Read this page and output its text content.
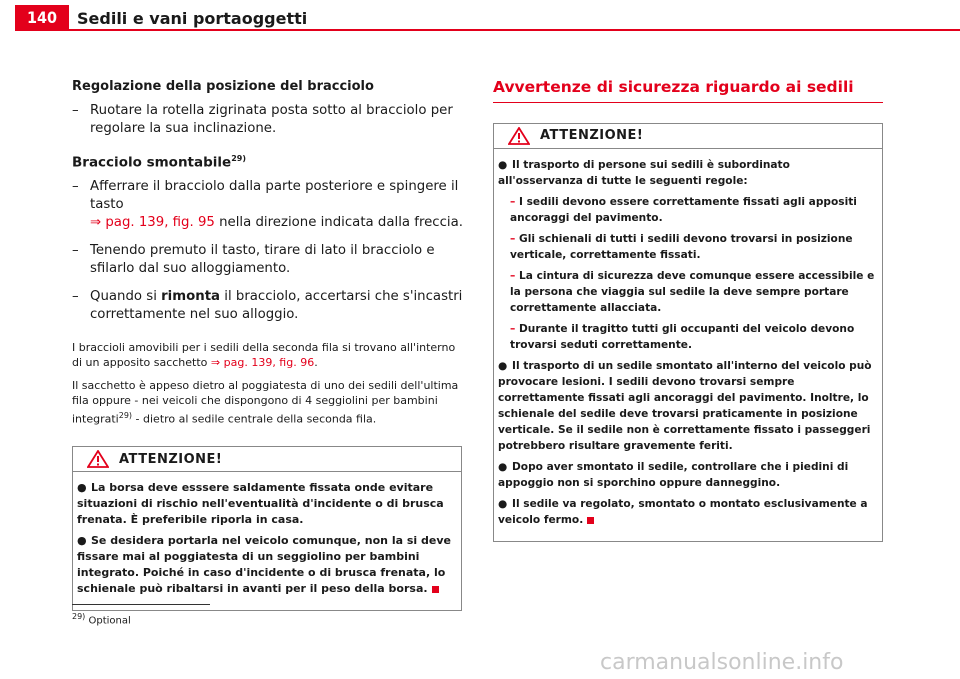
140	Sedili e vani portaoggetti
Regolazione della posizione del bracciolo
– Ruotare la rotella zigrinata posta sotto al bracciolo per regolare la sua inclinazione.
Bracciolo smontabile$^{29)}$
– Afferrare il bracciolo dalla parte posteriore e spingere il tasto
⇒ pag. 139, fig. 95 nella direzione indicata dalla freccia.
– Tenendo premuto il tasto, tirare di lato il bracciolo e sfilarlo dal suo alloggiamento.
– Quando si rimonta il bracciolo, accertarsi che s'incastri correttamente nel suo alloggio.
I braccioli amovibili per i sedili della seconda fila si trovano all'interno di un apposito sacchetto ⇒ pag. 139, fig. 96.
Il sacchetto è appeso dietro al poggiatesta di uno dei sedili dell'ultima fila oppure - nei veicoli che dispongono di 4 seggiolini per bambini integrati$^{29)}$ - dietro al sedile centrale della seconda fila.
ATTENZIONE!
● La borsa deve esssere saldamente fissata onde evitare situazioni di rischio nell'eventualità d'incidente o di brusca frenata. È preferibile riporla in casa.
● Se desidera portarla nel veicolo comunque, non la si deve fissare mai al poggiatesta di un seggiolino per bambini integrato. Poiché in caso d'incidente o di brusca frenata, lo schienale può ribaltarsi in avanti per il peso della borsa.
Avvertenze di sicurezza riguardo ai sedili
ATTENZIONE!
● Il trasporto di persone sui sedili è subordinato all'osservanza di tutte le seguenti regole:
– I sedili devono essere correttamente fissati agli appositi ancoraggi del pavimento.
– Gli schienali di tutti i sedili devono trovarsi in posizione verticale, correttamente fissati.
– La cintura di sicurezza deve comunque essere accessibile e la persona che viaggia sul sedile la deve sempre portare correttamente allacciata.
– Durante il tragitto tutti gli occupanti del veicolo devono trovarsi seduti correttamente.
● Il trasporto di un sedile smontato all'interno del veicolo può provocare lesioni. I sedili devono trovarsi sempre correttamente fissati agli ancoraggi del pavimento. Inoltre, lo schienale del sedile deve trovarsi praticamente in posizione verticale. Se il sedile non è correttamente fissato i passeggeri potrebbero risultare gravemente feriti.
● Dopo aver smontato il sedile, controllare che i piedini di appoggio non si sporchino oppure danneggino.
● Il sedile va regolato, smontato o montato esclusivamente a veicolo fermo.
$^{29)}$ Optional
carmanualsonline.info
